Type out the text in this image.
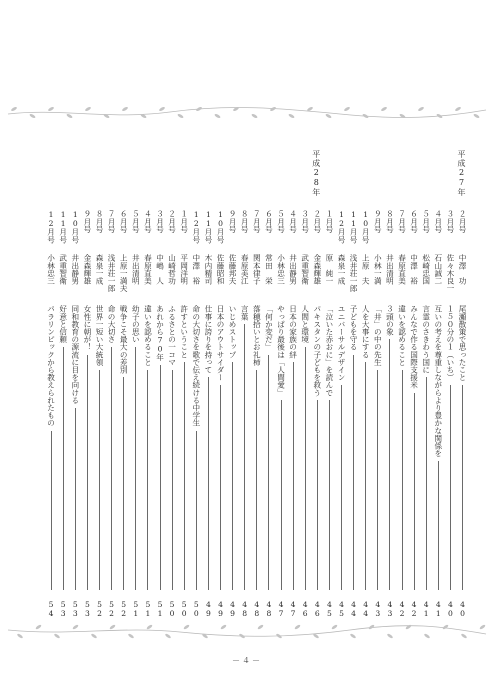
２月号
中澤　功
尾瀬散策で思ったこと
40
平成27年
３月号
佐々木良一
１５０分の１（いち）
40
４月号
石山誠二
互いの考えを尊重しながらより豊かな関係を
41
５月号
松崎忠国
言霊のさきわう国に
41
６月号
中澤　裕
みんなで作る国際支援米
42
７月号
春原直美
違いを認めること
42
８月号
井出清明
３頭の象
43
９月号
小林一満
「井」の中の先生
43
10月号
上原　夫
人を大事にする
44
11月号
浅井荘一郎
子どもを守る
44
12月号
森泉一成
ユニバーサルデザイン
45
１月号
原　純一
「泣いた赤おに」を読んで
45
２月号
金森輝雄
パキスタンの子どもを救う
46
平成28年
３月号
武重智衛
人間と環境
46
４月号
井出静男
日本の家族の絆
47
５月号
小林忠三
やっぱり最後は「人間愛」
47
６月号
常田　栄
「何か変だ」
48
７月号
関本律子
落穂拾いとお礼柿
48
８月号
春原美江
言葉
48
９月号
佐藤邦夫
いじめストップ
49
10月号
佐藤昭和
日本のアウトサイダー
49
11月号
木内精司
仕事に誇りを持って
49
12月号
中澤　裕
命の大切さを歌で伝え続ける中学生
50
１月号
平岡洋明
許すということ
50
２月号
山崎哲功
ふるさとの一コマ
50
３月号
中嶋　人
あれから70年
51
４月号
春原直美
違いを認めること
51
５月号
井出清明
幼子の思い
51
６月号
上原一満夫
戦争こそ最大の差別
52
７月号
浅井荘一郎
命の大切さ
52
８月号
森泉一成
世界一短い大統領
52
９月号
金森輝雄
女性に朝が！
53
10月号
井出静男
同和教育の源流に目を向ける
53
11月号
武重智衛
好意と信頼
53
12月号
小林忠三
パラリンピックから教えられたもの
54
－４－
